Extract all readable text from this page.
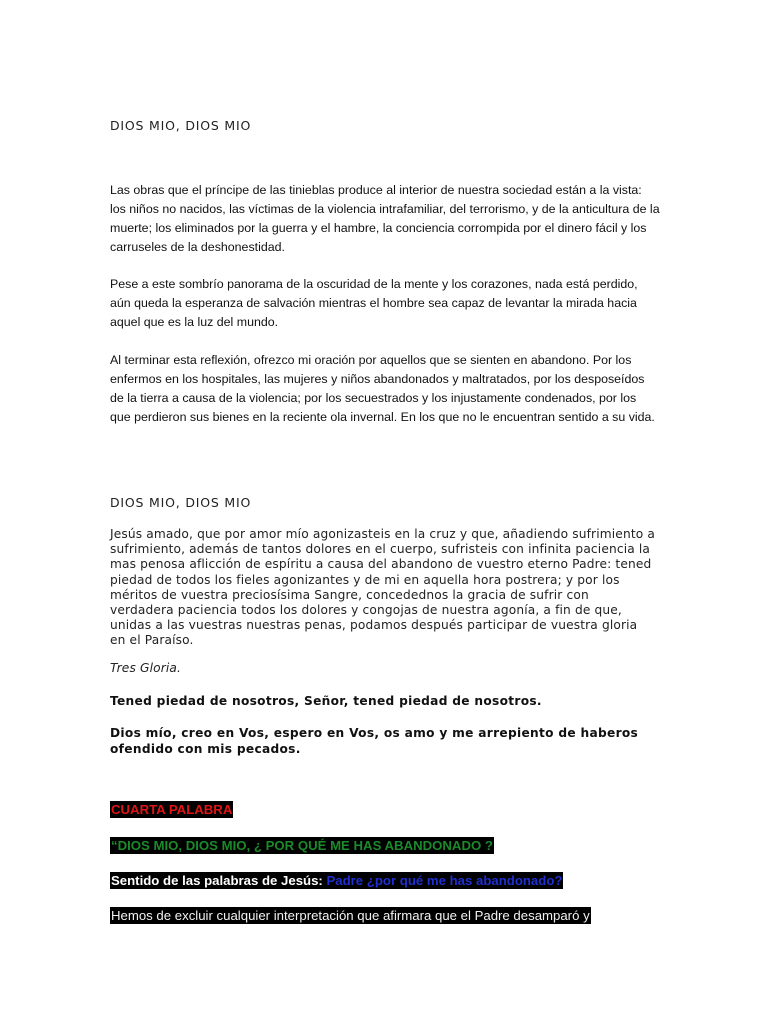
DIOS MIO, DIOS MIO
Las obras que el príncipe de las tinieblas produce al interior de nuestra sociedad están a la vista: los niños no nacidos, las víctimas de la violencia intrafamiliar, del terrorismo, y de la anticultura de la muerte; los eliminados por la guerra y el hambre, la conciencia corrompida por el dinero fácil y los carruseles de la deshonestidad.
Pese a este sombrío panorama de la oscuridad de la mente y los corazones, nada está perdido, aún queda la esperanza de salvación mientras el hombre sea capaz de levantar la mirada hacia aquel que es la luz del mundo.
Al terminar esta reflexión, ofrezco mi oración por aquellos que se sienten en abandono. Por los enfermos en los hospitales, las mujeres y niños abandonados y maltratados, por los desposeídos de la tierra a causa de la violencia; por los secuestrados y los injustamente condenados, por los que perdieron sus bienes en la reciente ola invernal. En los que no le encuentran sentido a su vida.
DIOS MIO, DIOS MIO
Jesús amado, que por amor mío agonizasteis en la cruz y que, añadiendo sufrimiento a sufrimiento, además de tantos dolores en el cuerpo, sufristeis con infinita paciencia la mas penosa aflicción de espíritu a causa del abandono de vuestro eterno Padre: tened piedad de todos los fieles agonizantes y de mi en aquella hora postrera; y por los méritos de vuestra preciosísima Sangre, concedednos la gracia de sufrir con verdadera paciencia todos los dolores y congojas de nuestra agonía, a fin de que, unidas a las vuestras nuestras penas, podamos después participar de vuestra gloria en el Paraíso.
Tres Gloria.
Tened piedad de nosotros, Señor, tened piedad de nosotros.
Dios mío, creo en Vos, espero en Vos, os amo y me arrepiento de haberos ofendido con mis pecados.
CUARTA PALABRA
“DIOS MIO, DIOS MIO, ¿ POR QUÉ ME HAS ABANDONADO ?
Sentido de las palabras de Jesús: Padre ¿por qué me has abandonado?
Hemos de excluir cualquier interpretación que afirmara que el Padre desamparó y
